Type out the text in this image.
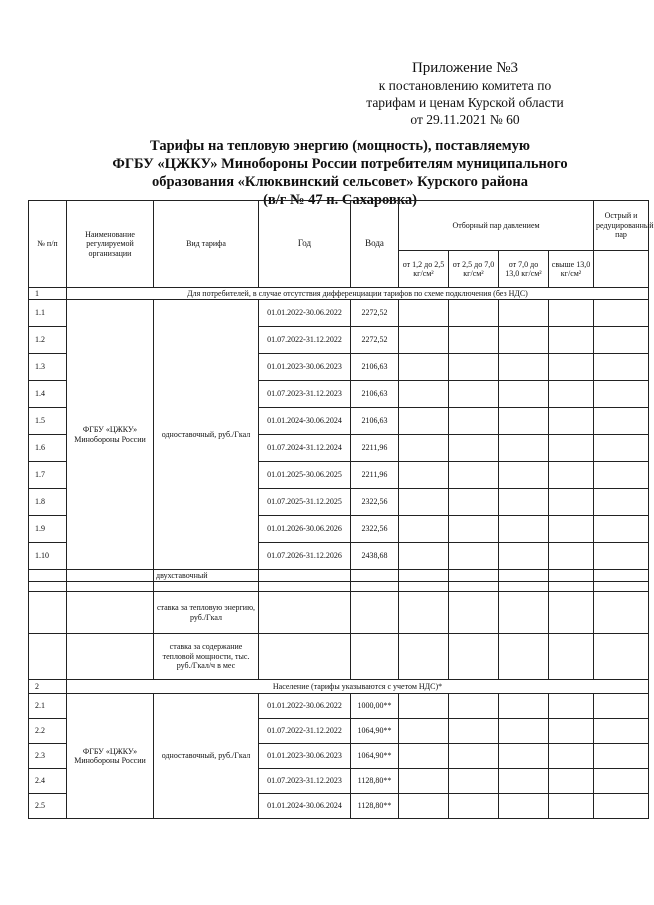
Приложение №3
к постановлению комитета по
тарифам и ценам Курской области
от 29.11.2021 № 60
Тарифы на тепловую энергию (мощность), поставляемую
ФГБУ «ЦЖКУ» Минобороны России потребителям муниципального
образования «Клюквинский сельсовет» Курского района
(в/г № 47 п. Сахаровка)
№ п/п	Наименование регулируемой организации	Вид тарифа	Год	Вода	Отборный пар давлением				Острый и редуцированный пар
					от 1,2 до 2,5 кг/см²	от 2,5 до 7,0 кг/см²	от 7,0 до 13,0 кг/см²	свыше 13,0 кг/см²	
1	Для потребителей, в случае отсутствия дифференциации тарифов по схеме подключения (без НДС)								
1.1	ФГБУ «ЦЖКУ» Минобороны России	одноставочный, руб./Гкал	01.01.2022-30.06.2022	2272,52					
1.2			01.07.2022-31.12.2022	2272,52					
1.3			01.01.2023-30.06.2023	2106,63					
1.4			01.07.2023-31.12.2023	2106,63					
1.5			01.01.2024-30.06.2024	2106,63					
1.6			01.07.2024-31.12.2024	2211,96					
1.7			01.01.2025-30.06.2025	2211,96					
1.8			01.07.2025-31.12.2025	2322,56					
1.9			01.01.2026-30.06.2026	2322,56					
1.10			01.07.2026-31.12.2026	2438,68					
		двухставочный							

		ставка за тепловую энергию, руб./Гкал							
		ставка за содержание тепловой мощности, тыс. руб./Гкал/ч в мес							
2	Население (тарифы указываются с учетом НДС)*								
2.1	ФГБУ «ЦЖКУ» Минобороны России	одноставочный, руб./Гкал	01.01.2022-30.06.2022	1000,00**					
2.2			01.07.2022-31.12.2022	1064,90**					
2.3			01.01.2023-30.06.2023	1064,90**					
2.4			01.07.2023-31.12.2023	1128,80**					
2.5			01.01.2024-30.06.2024	1128,80**					
